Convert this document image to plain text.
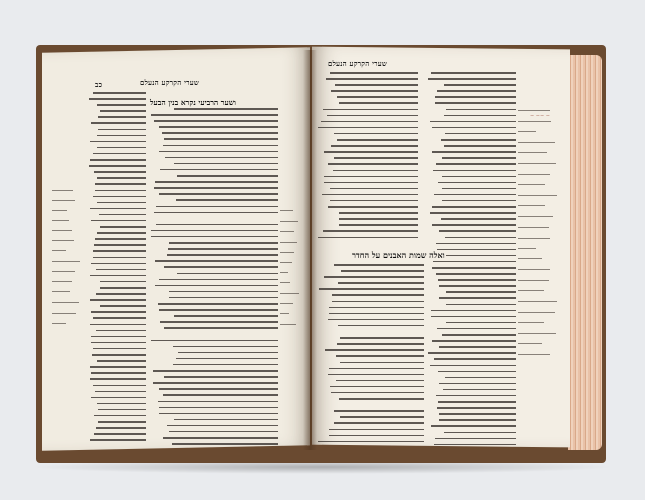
שערי הקרקע הנעלם
כב
ושער הרביעי נקרא בנין הבעל
שערי הקרקע הנעלם
ואלה שמות האבנים על החדר
~ ~~ ~
